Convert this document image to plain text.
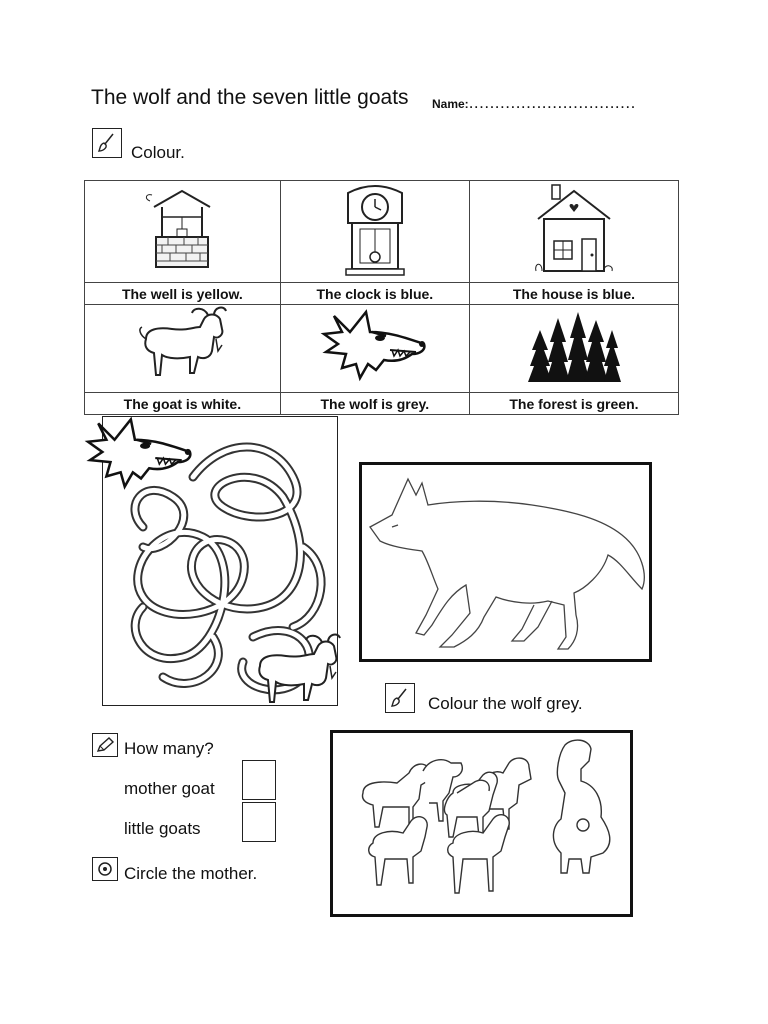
The wolf and the seven little goats Name:................................
Colour.

The well is yellow.	The clock is blue.	The house is blue.

The goat is white.	The wolf is grey.	The forest is green.
Colour the wolf grey.
How many?
mother goat
little goats
Circle the mother.
